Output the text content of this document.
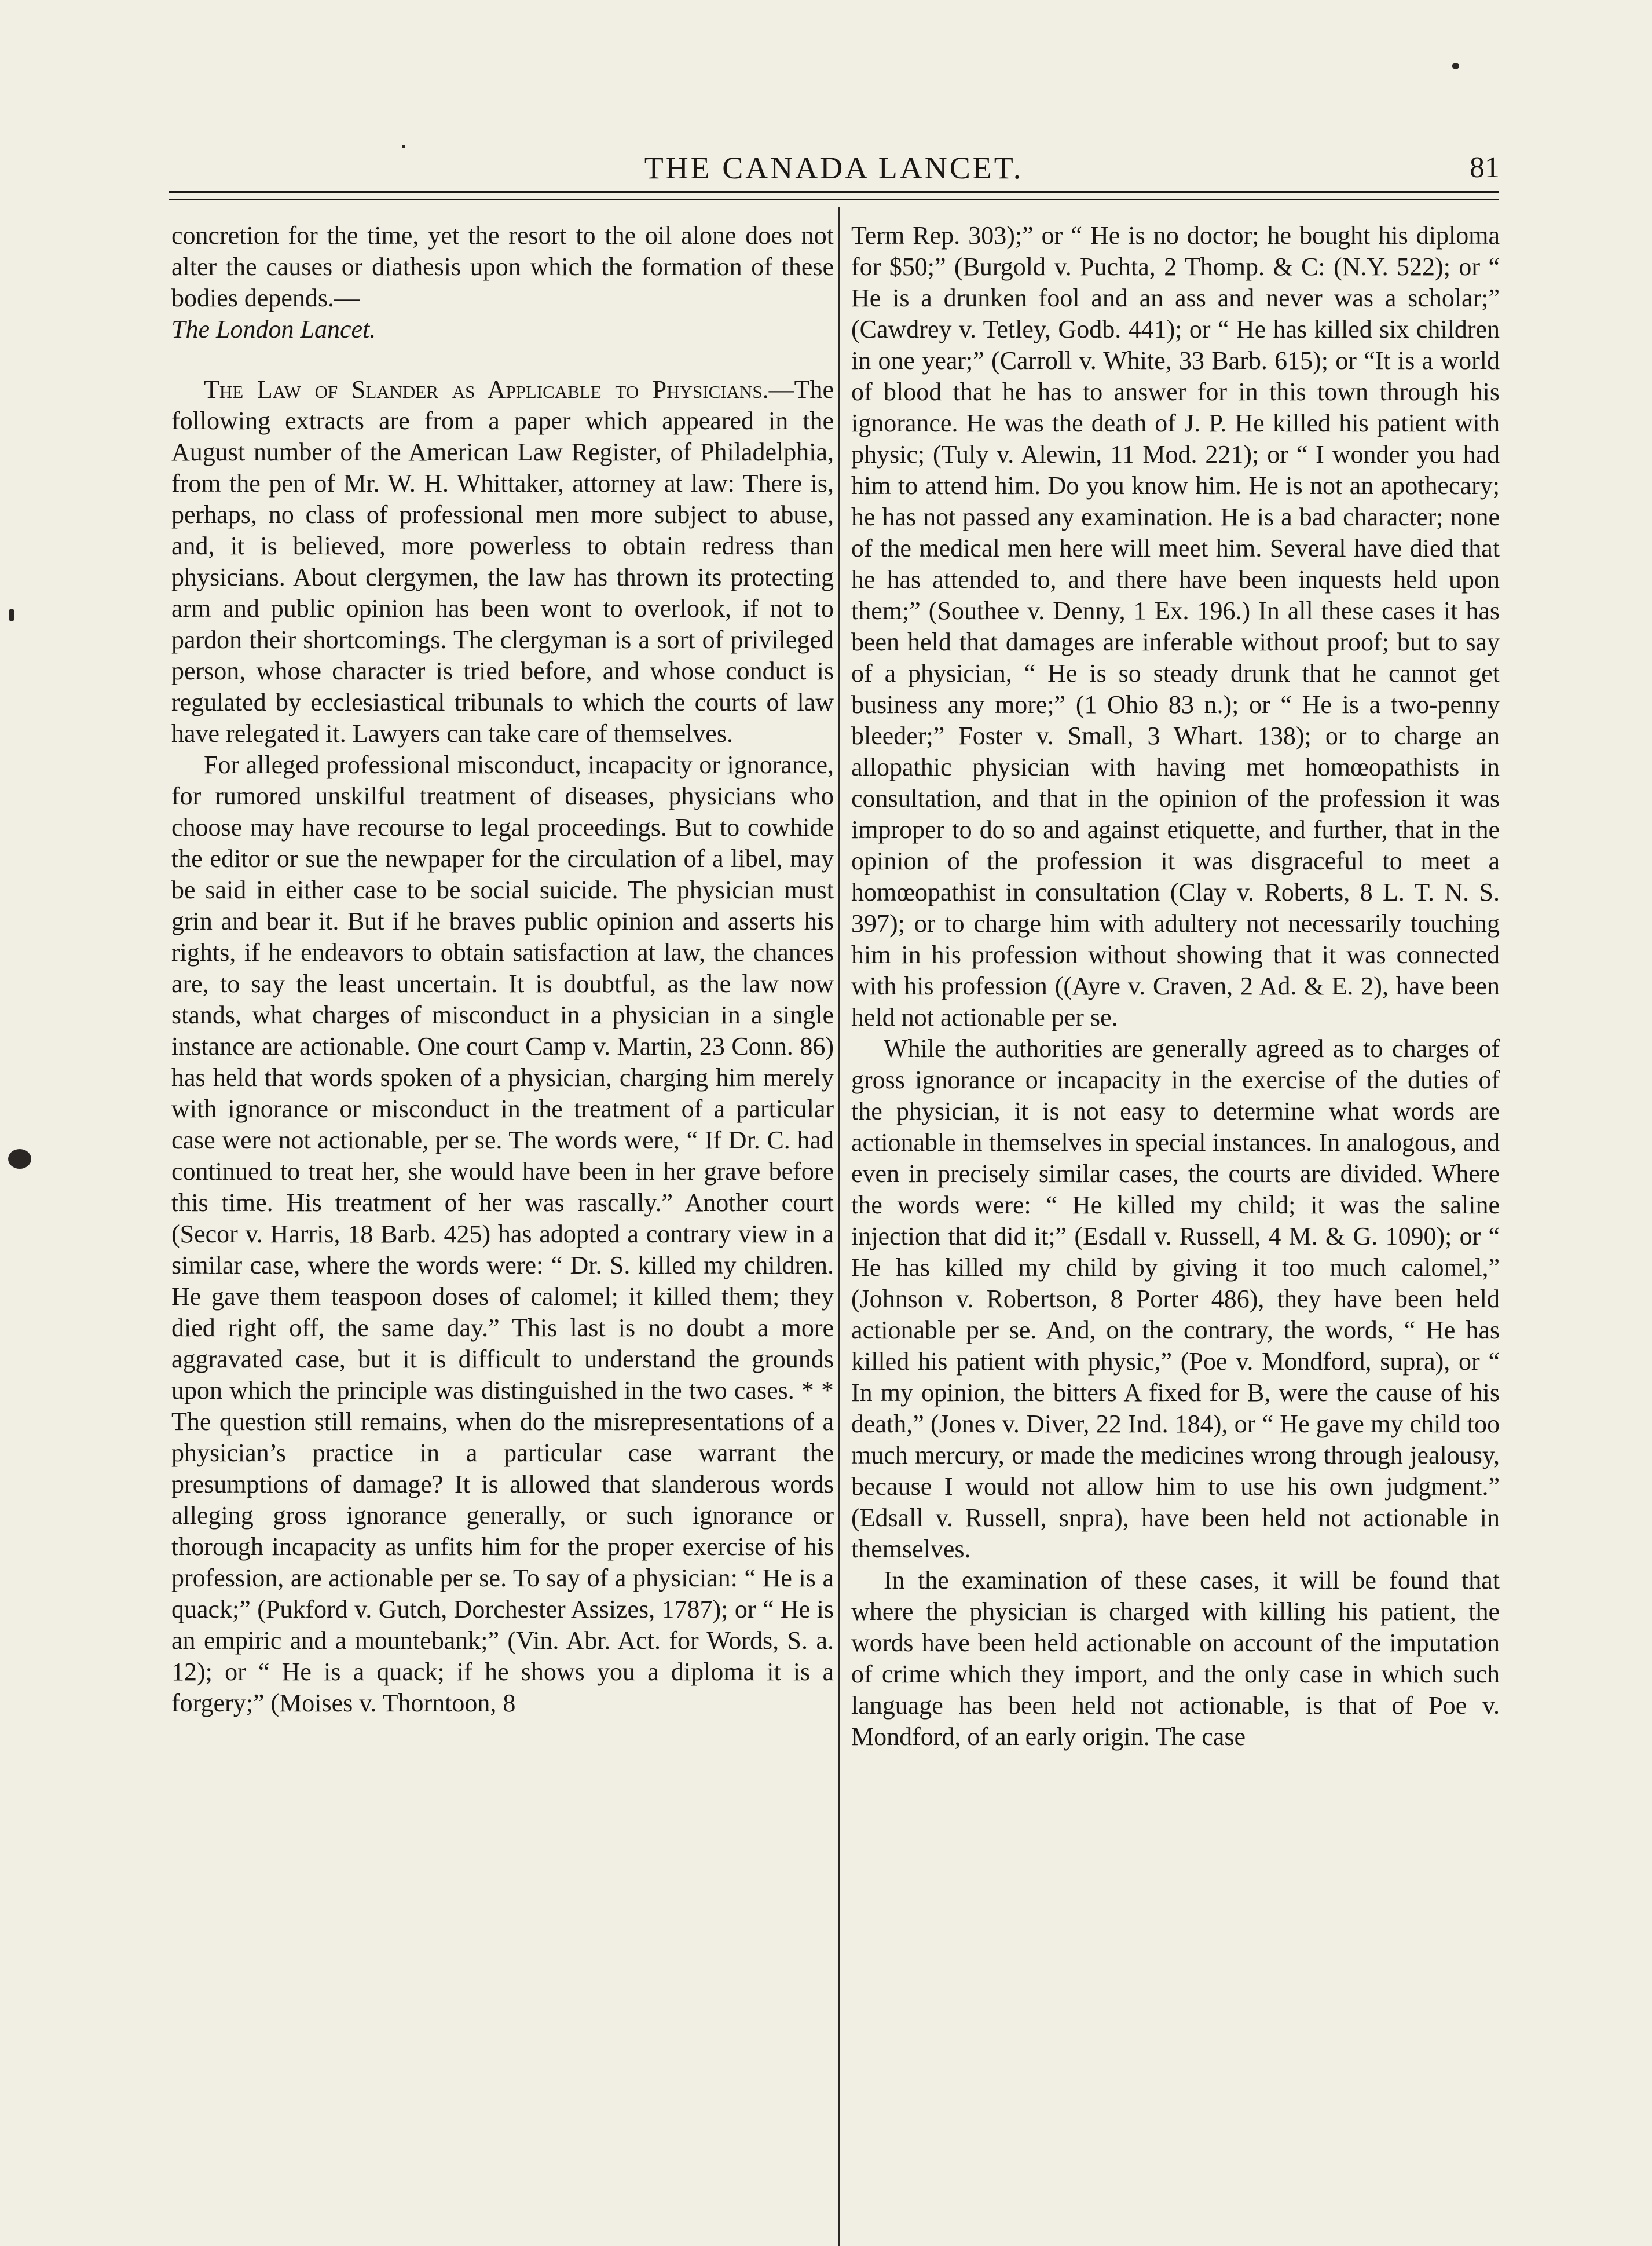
THE CANADA LANCET.	81

concretion for the time, yet the resort to the oil alone does not alter the causes or diathesis upon which the formation of these bodies depends.—
The London Lancet.

The Law of Slander as Applicable to Physicians.—The following extracts are from a paper which appeared in the August number of the American Law Register, of Philadelphia, from the pen of Mr. W. H. Whittaker, attorney at law: There is, perhaps, no class of professional men more subject to abuse, and, it is believed, more powerless to obtain redress than physicians. About clergymen, the law has thrown its protecting arm and public opinion has been wont to overlook, if not to pardon their shortcomings. The clergyman is a sort of privileged person, whose character is tried before, and whose conduct is regulated by ecclesiastical tribunals to which the courts of law have relegated it. Lawyers can take care of themselves.

For alleged professional misconduct, incapacity or ignorance, for rumored unskilful treatment of diseases, physicians who choose may have recourse to legal proceedings. But to cowhide the editor or sue the newpaper for the circulation of a libel, may be said in either case to be social suicide. The physician must grin and bear it. But if he braves public opinion and asserts his rights, if he endeavors to obtain satisfaction at law, the chances are, to say the least uncertain. It is doubtful, as the law now stands, what charges of misconduct in a physician in a single instance are actionable. One court Camp v. Martin, 23 Conn. 86) has held that words spoken of a physician, charging him merely with ignorance or misconduct in the treatment of a particular case were not actionable, per se. The words were, “ If Dr. C. had continued to treat her, she would have been in her grave before this time. His treatment of her was rascally.” Another court (Secor v. Harris, 18 Barb. 425) has adopted a contrary view in a similar case, where the words were: “ Dr. S. killed my children. He gave them teaspoon doses of calomel; it killed them; they died right off, the same day.” This last is no doubt a more aggravated case, but it is difficult to understand the grounds upon which the principle was distinguished in the two cases. * * The question still remains, when do the misrepresentations of a physician’s practice in a particular case warrant the presumptions of damage? It is allowed that slanderous words alleging gross ignorance generally, or such ignorance or thorough incapacity as unfits him for the proper exercise of his profession, are actionable per se. To say of a physician: “ He is a quack;” (Pukford v. Gutch, Dorchester Assizes, 1787); or “ He is an empiric and a mountebank;” (Vin. Abr. Act. for Words, S. a. 12); or “ He is a quack; if he shows you a diploma it is a forgery;” (Moises v. Thorntoon, 8

Term Rep. 303);” or “ He is no doctor; he bought his diploma for $50;” (Burgold v. Puchta, 2 Thomp. & C: (N.Y. 522); or “ He is a drunken fool and an ass and never was a scholar;” (Cawdrey v. Tetley, Godb. 441); or “ He has killed six children in one year;” (Carroll v. White, 33 Barb. 615); or “It is a world of blood that he has to answer for in this town through his ignorance. He was the death of J. P. He killed his patient with physic; (Tuly v. Alewin, 11 Mod. 221); or “ I wonder you had him to attend him. Do you know him. He is not an apothecary; he has not passed any examination. He is a bad character; none of the medical men here will meet him. Several have died that he has attended to, and there have been inquests held upon them;” (Southee v. Denny, 1 Ex. 196.) In all these cases it has been held that damages are inferable without proof; but to say of a physician, “ He is so steady drunk that he cannot get business any more;” (1 Ohio 83 n.); or “ He is a two-penny bleeder;” Foster v. Small, 3 Whart. 138); or to charge an allopathic physician with having met homœopathists in consultation, and that in the opinion of the profession it was improper to do so and against etiquette, and further, that in the opinion of the profession it was disgraceful to meet a homœopathist in consultation (Clay v. Roberts, 8 L. T. N. S. 397); or to charge him with adultery not necessarily touching him in his profession without showing that it was connected with his profession ((Ayre v. Craven, 2 Ad. & E. 2), have been held not actionable per se.

While the authorities are generally agreed as to charges of gross ignorance or incapacity in the exercise of the duties of the physician, it is not easy to determine what words are actionable in themselves in special instances. In analogous, and even in precisely similar cases, the courts are divided. Where the words were: “ He killed my child; it was the saline injection that did it;” (Esdall v. Russell, 4 M. & G. 1090); or “ He has killed my child by giving it too much calomel,” (Johnson v. Robertson, 8 Porter 486), they have been held actionable per se. And, on the contrary, the words, “ He has killed his patient with physic,” (Poe v. Mondford, supra), or “ In my opinion, the bitters A fixed for B, were the cause of his death,” (Jones v. Diver, 22 Ind. 184), or “ He gave my child too much mercury, or made the medicines wrong through jealousy, because I would not allow him to use his own judgment.” (Edsall v. Russell, snpra), have been held not actionable in themselves.

In the examination of these cases, it will be found that where the physician is charged with killing his patient, the words have been held actionable on account of the imputation of crime which they import, and the only case in which such language has been held not actionable, is that of Poe v. Mondford, of an early origin. The case
